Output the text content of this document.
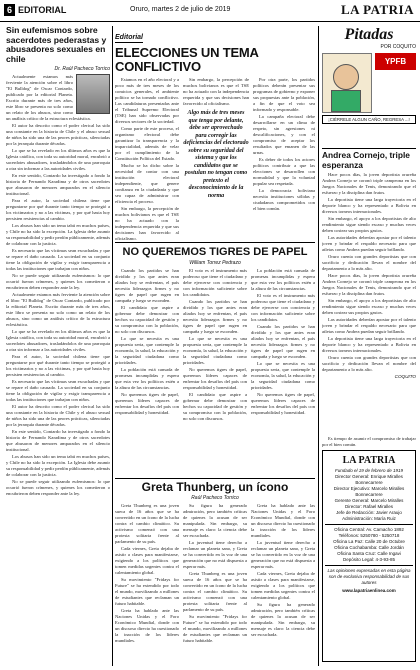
6 EDITORIAL	Oruro, martes 2 de julio de 2019	LA PATRIA
Sin eufemismos sobre sacerdotes pederastas y abusadores sexuales en chile
Dr. Raúl Pacheco Torrico

Actualmente estamos más ferviente la atención sobre el libro "El Bulldog" de Oscar Contardo, publicado por la editorial Planeta. Escrito durante más de tres años, este libro se presenta no solo como un relato de los abusos, sino como un análisis crítico de la estructura eclesiástica.

El autor ha descrito como el poder clerical ha sido una constante en la historia de Chile y el abuso sexual de niños ha sido una de las peores prácticas, silenciadas por la jerarquía durante décadas.

Lo que se ha revelado en los últimos años es que la Iglesia católica, con toda su autoridad moral, encubrió a sacerdotes abusadores, trasladándolos de una parroquia a otra sin informar a las autoridades civiles.

En este sentido, Contardo ha investigado a fondo la historia de Fernando Karadima y de otros sacerdotes que abusaron de menores amparados en el silencio institucional.

Para el autor, la sociedad chilena tiene que preguntarse por qué durante tanto tiempo se protegió a los victimarios y no a las víctimas, y por qué hasta hoy persisten resistencias al cambio.

Los abusos han sido un tema tabú en muchos países, y Chile no ha sido la excepción. La Iglesia debe asumir su responsabilidad y pedir perdón públicamente, además de colaborar con la justicia.

Es necesario que las víctimas sean escuchadas y que se repare el daño causado. La sociedad en su conjunto tiene la obligación de vigilar y exigir transparencia a todas las instituciones que trabajan con niños.

No se puede seguir utilizando eufemismos: lo que ocurrió fueron crímenes, y quienes los cometieron o encubrieron deben responder ante la ley.

Actualmente estamos más ferviente la atención sobre el libro "El Bulldog" de Oscar Contardo, publicado por la editorial Planeta. Escrito durante más de tres años, este libro se presenta no solo como un relato de los abusos, sino como un análisis crítico de la estructura eclesiástica.

Lo que se ha revelado en los últimos años es que la Iglesia católica, con toda su autoridad moral, encubrió a sacerdotes abusadores, trasladándolos de una parroquia a otra sin informar a las autoridades civiles.

Para el autor, la sociedad chilena tiene que preguntarse por qué durante tanto tiempo se protegió a los victimarios y no a las víctimas, y por qué hasta hoy persisten resistencias al cambio.

Es necesario que las víctimas sean escuchadas y que se repare el daño causado. La sociedad en su conjunto tiene la obligación de vigilar y exigir transparencia a todas las instituciones que trabajan con niños.

El autor ha descrito como el poder clerical ha sido una constante en la historia de Chile y el abuso sexual de niños ha sido una de las peores prácticas, silenciadas por la jerarquía durante décadas.

En este sentido, Contardo ha investigado a fondo la historia de Fernando Karadima y de otros sacerdotes que abusaron de menores amparados en el silencio institucional.

Los abusos han sido un tema tabú en muchos países, y Chile no ha sido la excepción. La Iglesia debe asumir su responsabilidad y pedir perdón públicamente, además de colaborar con la justicia.

No se puede seguir utilizando eufemismos: lo que ocurrió fueron crímenes, y quienes los cometieron o encubrieron deben responder ante la ley.

Editorial
ELECCIONES UN TEMA CONFLICTIVO

Estamos en el año electoral y a poco más de tres meses de los comicios generales, el ambiente político se ha tornado conflictivo. Las candidaturas presentadas ante el Tribunal Supremo Electoral (TSE) han sido observadas por diversos sectores de la sociedad.

Como parte de este proceso, el organismo electoral debe garantizar la transparencia y la imparcialidad, además de velar por el cumplimiento de la Constitución Política del Estado.

Mucho se ha dicho sobre la necesidad de contar con una institución electoral independiente, que genere confianza en la ciudadanía y que sea capaz de administrar con eficiencia el proceso.

Sin embargo, la percepción de muchos bolivianos es que el TSE no ha actuado con la independencia requerida y que sus decisiones han favorecido al oficialismo.

Sin embargo, la percepción de muchos bolivianos es que el TSE no ha actuado con la independencia requerida y que sus decisiones han favorecido al oficialismo.

Algo más de tres meses que tenga por delante, debe ser aprovechado para corregir las deficiencias del electorado sobre su seguridad del sistema y que los candidatos que se postulan no tengan como pretexto el desconocimiento de la norma

Por otra parte, los partidos políticos deberán presentar sus programas de gobierno y exponer sus propuestas ante la población, a fin de que el voto sea informado y responsable.

La campaña electoral debe desarrollarse en un clima de respeto, sin agresiones ni descalificaciones, y con el compromiso de aceptar los resultados que emanen de las urnas.

Es deber de todos los actores políticos contribuir a que las elecciones se desarrollen con normalidad y que la voluntad popular sea respetada.

La democracia boliviana necesita instituciones sólidas y ciudadanos comprometidos con el bien común.

NO QUEREMOS TIGRES DE PAPEL
William Torrez Pedrazo

Cuando los partidos se han dividido y los que antes eran aliados hoy se enfrentan, el país necesita liderazgos firmes y no tigres de papel que rugen en campaña y luego se esconden.

El candidato que aspire a gobernar debe demostrar con hechos su capacidad de gestión y su compromiso con la población, no solo con discursos.

Lo que se necesita es una propuesta seria, que contemple la economía, la salud, la educación y la seguridad ciudadana como prioridades.

La población está cansada de promesas incumplidas y espera que esta vez los políticos estén a la altura de las circunstancias.

No queremos tigres de papel, queremos líderes capaces de enfrentar los desafíos del país con responsabilidad y honestidad.

El voto es el instrumento más poderoso que tiene el ciudadano y debe ejercerse con conciencia y con información suficiente sobre los candidatos.

Cuando los partidos se han dividido y los que antes eran aliados hoy se enfrentan, el país necesita liderazgos firmes y no tigres de papel que rugen en campaña y luego se esconden.

Lo que se necesita es una propuesta seria, que contemple la economía, la salud, la educación y la seguridad ciudadana como prioridades.

No queremos tigres de papel, queremos líderes capaces de enfrentar los desafíos del país con responsabilidad y honestidad.

El candidato que aspire a gobernar debe demostrar con hechos su capacidad de gestión y su compromiso con la población, no solo con discursos.

La población está cansada de promesas incumplidas y espera que esta vez los políticos estén a la altura de las circunstancias.

El voto es el instrumento más poderoso que tiene el ciudadano y debe ejercerse con conciencia y con información suficiente sobre los candidatos.

Cuando los partidos se han dividido y los que antes eran aliados hoy se enfrentan, el país necesita liderazgos firmes y no tigres de papel que rugen en campaña y luego se esconden.

Lo que se necesita es una propuesta seria, que contemple la economía, la salud, la educación y la seguridad ciudadana como prioridades.

No queremos tigres de papel, queremos líderes capaces de enfrentar los desafíos del país con responsabilidad y honestidad.

Greta Thunberg, un ícono
Raúl Pacheco Torrico

Greta Thunberg es una joven sueca de 16 años que se ha convertido en un ícono de la lucha contra el cambio climático. Su activismo comenzó con una protesta solitaria frente al parlamento de su país.

Cada viernes, Greta dejaba de asistir a clases para manifestarse, exigiendo a los políticos que tomen medidas urgentes contra el calentamiento global.

Su movimiento "Fridays for Future" se ha extendido por todo el mundo, movilizando a millones de estudiantes que reclaman un futuro habitable.

Greta ha hablado ante las Naciones Unidas y el Foro Económico Mundial, donde con un discurso directo ha cuestionado la inacción de los líderes mundiales.

Su figura ha generado admiración, pero también críticas de quienes la acusan de ser manipulada. Sin embargo, su mensaje es claro: la ciencia debe ser escuchada.

La juventud tiene derecho a reclamar un planeta sano, y Greta se ha convertido en la voz de una generación que no está dispuesta a esperar más.

Greta Thunberg es una joven sueca de 16 años que se ha convertido en un ícono de la lucha contra el cambio climático. Su activismo comenzó con una protesta solitaria frente al parlamento de su país.

Su movimiento "Fridays for Future" se ha extendido por todo el mundo, movilizando a millones de estudiantes que reclaman un futuro habitable.

Greta ha hablado ante las Naciones Unidas y el Foro Económico Mundial, donde con un discurso directo ha cuestionado la inacción de los líderes mundiales.

La juventud tiene derecho a reclamar un planeta sano, y Greta se ha convertido en la voz de una generación que no está dispuesta a esperar más.

Cada viernes, Greta dejaba de asistir a clases para manifestarse, exigiendo a los políticos que tomen medidas urgentes contra el calentamiento global.

Su figura ha generado admiración, pero también críticas de quienes la acusan de ser manipulada. Sin embargo, su mensaje es claro: la ciencia debe ser escuchada.

Pitadas
POR COQUITO
YPFB
¡CIÉRRELE ALGUN CAÑO, REGRESA ...!
Andrea Cornejo, triple esperanza

Hace pocos días, la joven deportista orureña Andrea Cornejo se coronó triple campeona en los Juegos Nacionales de Tenis, demostrando que el esfuerzo y la disciplina dan frutos.

La deportista tiene una larga trayectoria en el deporte blanco y ha representado a Bolivia en diversos torneos internacionales.

Sin embargo, el apoyo a los deportistas de alto rendimiento sigue siendo escaso y muchas veces deben costear sus propios gastos.

Las autoridades deberían apostar por el talento joven y brindar el respaldo necesario para que atletas como Andrea puedan seguir brillando.

Oruro cuenta con grandes deportistas que con sacrificio y dedicación llevan el nombre del departamento a lo más alto.

Hace pocos días, la joven deportista orureña Andrea Cornejo se coronó triple campeona en los Juegos Nacionales de Tenis, demostrando que el esfuerzo y la disciplina dan frutos.

Sin embargo, el apoyo a los deportistas de alto rendimiento sigue siendo escaso y muchas veces deben costear sus propios gastos.

Las autoridades deberían apostar por el talento joven y brindar el respaldo necesario para que atletas como Andrea puedan seguir brillando.

La deportista tiene una larga trayectoria en el deporte blanco y ha representado a Bolivia en diversos torneos internacionales.

Oruro cuenta con grandes deportistas que con sacrificio y dedicación llevan el nombre del departamento a lo más alto.

COQUITO

Es tiempo de asumir el compromiso de trabajar por el bien común.

LA PATRIA
Fundado el 19 de febrero de 1919
Director General: Enrique Miralles Bonnecarrere
Director Ejecutivo: Marcelo Miralles Bonnecarrere
Gerente General: Marcelo Miralles
Director: Rafael Miralles
Jefe de Redacción: Javier Araujo
Administración: María Ruiz
Oficina Central: Av. Camacho 1892
Teléfonos: 5250780 - 5250718
Oficina La Paz: Calle 20 de Octubre
Oficina Cochabamba: Calle Jordán
Oficina Santa Cruz: Calle Ingavi
Depósito Legal: 4-3-93-85
Las opiniones expresadas en esta página son de exclusiva responsabilidad de sus autores
www.lapatriaenlinea.com
